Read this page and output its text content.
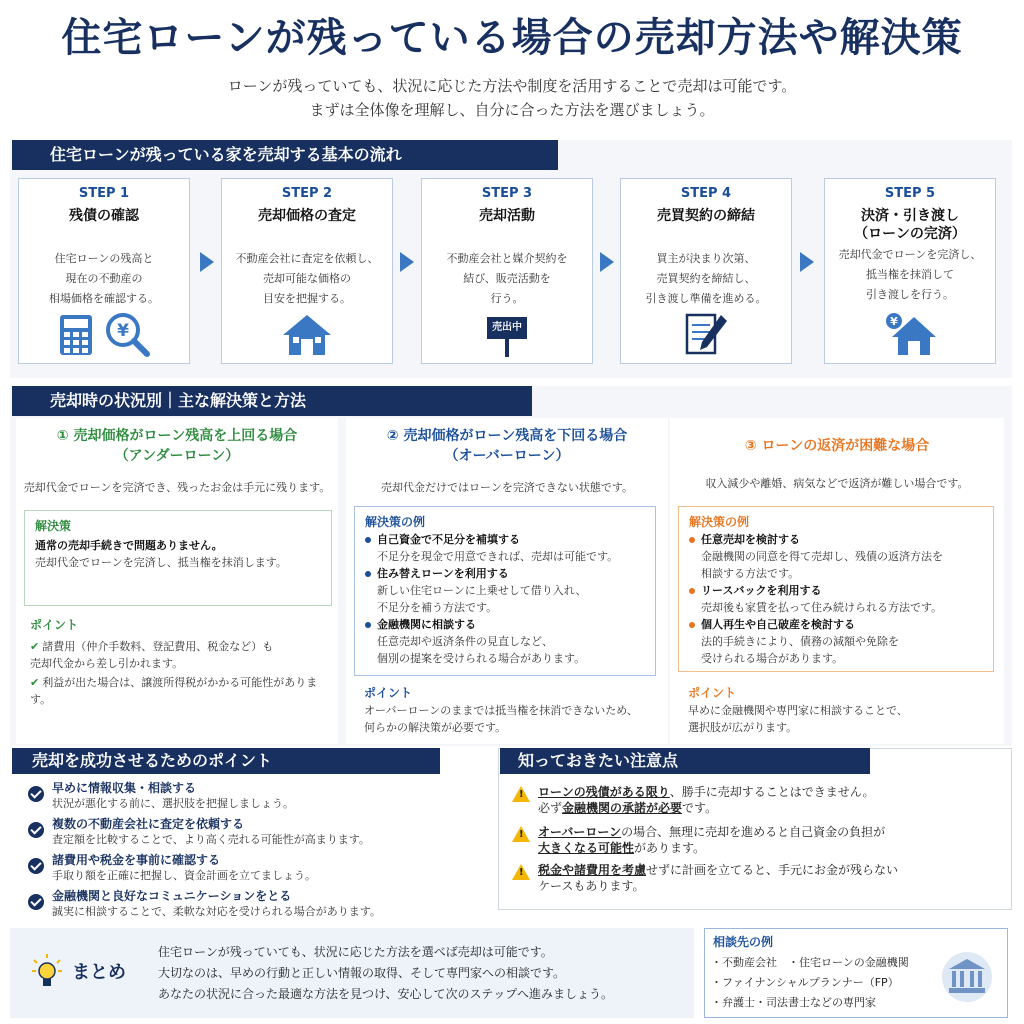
住宅ローンが残っている場合の売却方法や解決策
ローンが残っていても、状況に応じた方法や制度を活用することで売却は可能です。
まずは全体像を理解し、自分に合った方法を選びましょう。
住宅ローンが残っている家を売却する基本の流れ
STEP 1
残債の確認
住宅ローンの残高と
現在の不動産の
相場価格を確認する。
¥
STEP 2
売却価格の査定
不動産会社に査定を依頼し、
売却可能な価格の
目安を把握する。
STEP 3
売却活動
不動産会社と媒介契約を
結び、販売活動を
行う。
売出中
STEP 4
売買契約の締結
買主が決まり次第、
売買契約を締結し、
引き渡し準備を進める。
STEP 5
決済・引き渡し
（ローンの完済）
売却代金でローンを完済し、
抵当権を抹消して
引き渡しを行う。
¥
売却時の状況別｜主な解決策と方法
① 売却価格がローン残高を上回る場合
（アンダーローン）
売却代金でローンを完済でき、残ったお金は手元に残ります。
解決策
通常の売却手続きで問題ありません。
売却代金でローンを完済し、抵当権を抹消します。
ポイント
✔ 諸費用（仲介手数料、登記費用、税金など）も
売却代金から差し引かれます。
✔ 利益が出た場合は、譲渡所得税がかかる可能性があります。
② 売却価格がローン残高を下回る場合
（オーバーローン）
売却代金だけではローンを完済できない状態です。
解決策の例
自己資金で不足分を補填する
不足分を現金で用意できれば、売却は可能です。
住み替えローンを利用する
新しい住宅ローンに上乗せして借り入れ、
不足分を補う方法です。
金融機関に相談する
任意売却や返済条件の見直しなど、
個別の提案を受けられる場合があります。
ポイント
オーバーローンのままでは抵当権を抹消できないため、
何らかの解決策が必要です。
③ ローンの返済が困難な場合
収入減少や離婚、病気などで返済が難しい場合です。
解決策の例
任意売却を検討する
金融機関の同意を得て売却し、残債の返済方法を
相談する方法です。
リースバックを利用する
売却後も家賃を払って住み続けられる方法です。
個人再生や自己破産を検討する
法的手続きにより、債務の減額や免除を
受けられる場合があります。
ポイント
早めに金融機関や専門家に相談することで、
選択肢が広がります。
売却を成功させるためのポイント
早めに情報収集・相談する
状況が悪化する前に、選択肢を把握しましょう。
複数の不動産会社に査定を依頼する
査定額を比較することで、より高く売れる可能性が高まります。
諸費用や税金を事前に確認する
手取り額を正確に把握し、資金計画を立てましょう。
金融機関と良好なコミュニケーションをとる
誠実に相談することで、柔軟な対応を受けられる場合があります。
知っておきたい注意点
! ローンの残債がある限り、勝手に売却することはできません。
必ず金融機関の承諾が必要です。
! オーバーローンの場合、無理に売却を進めると自己資金の負担が
大きくなる可能性があります。
! 税金や諸費用を考慮せずに計画を立てると、手元にお金が残らない
ケースもあります。
まとめ
住宅ローンが残っていても、状況に応じた方法を選べば売却は可能です。
大切なのは、早めの行動と正しい情報の取得、そして専門家への相談です。
あなたの状況に合った最適な方法を見つけ、安心して次のステップへ進みましょう。
相談先の例
・不動産会社　・住宅ローンの金融機関
・ファイナンシャルプランナー（FP）
・弁護士・司法書士などの専門家
